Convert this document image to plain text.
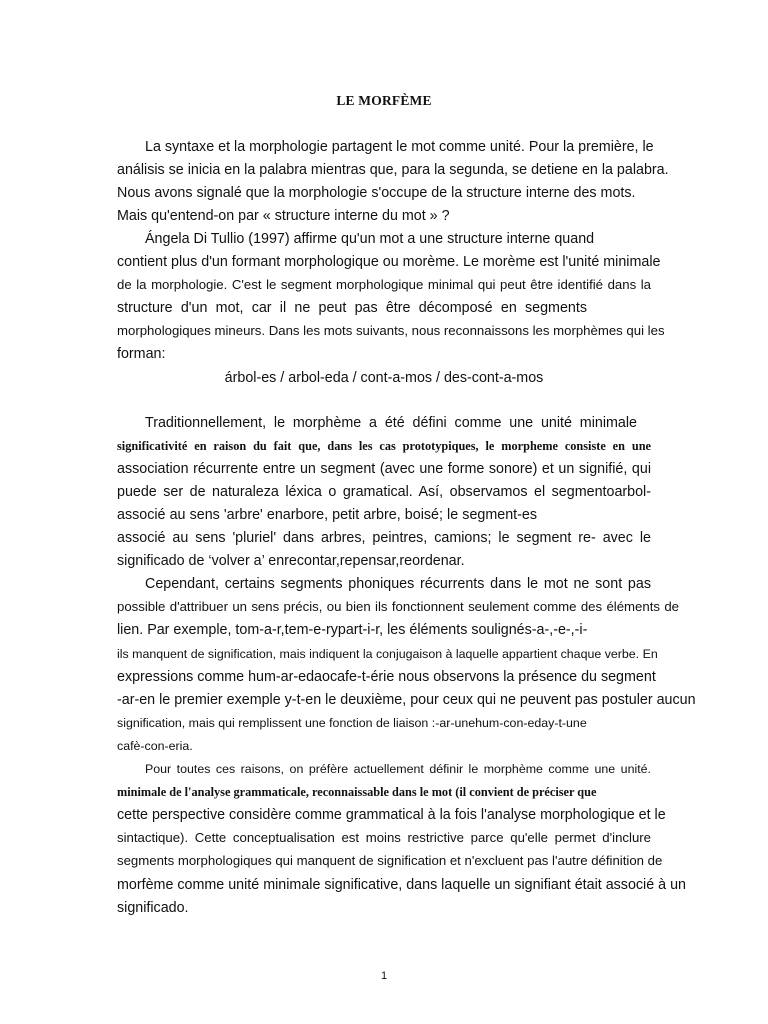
LE MORFÈME
La syntaxe et la morphologie partagent le mot comme unité. Pour la première, le
análisis se inicia en la palabra mientras que, para la segunda, se detiene en la palabra.
Nous avons signalé que la morphologie s'occupe de la structure interne des mots.
Mais qu'entend-on par « structure interne du mot » ?
Ángela Di Tullio (1997) affirme qu'un mot a une structure interne quand
contient plus d'un formant morphologique ou morème. Le morème est l'unité minimale
de la morphologie. C'est le segment morphologique minimal qui peut être identifié dans la
structure d'un mot, car il ne peut pas être décomposé en segments
morphologiques mineurs. Dans les mots suivants, nous reconnaissons les morphèmes qui les
forman:
árbol-es / arbol-eda / cont-a-mos / des-cont-a-mos
Traditionnellement, le morphème a été défini comme une unité minimale
significativité en raison du fait que, dans les cas prototypiques, le morpheme consiste en une
association récurrente entre un segment (avec une forme sonore) et un signifié, qui
puede ser de naturaleza léxica o gramatical. Así, observamos el segmentoarbol-
associé au sens 'arbre' enarbore, petit arbre, boisé; le segment-es
associé au sens 'pluriel' dans arbres, peintres, camions; le segment re- avec le
significado de ‘volver a’ enrecontar,repensar,reordenar.
Cependant, certains segments phoniques récurrents dans le mot ne sont pas
possible d'attribuer un sens précis, ou bien ils fonctionnent seulement comme des éléments de
lien. Par exemple, tom-a-r,tem-e-rypart-i-r, les éléments soulignés-a-,-e-,-i-
ils manquent de signification, mais indiquent la conjugaison à laquelle appartient chaque verbe. En
expressions comme hum-ar-edaocafe-t-érie nous observons la présence du segment
-ar-en le premier exemple y-t-en le deuxième, pour ceux qui ne peuvent pas postuler aucun
signification, mais qui remplissent une fonction de liaison :-ar-unehum-con-eday-t-une
cafè-con-eria.
Pour toutes ces raisons, on préfère actuellement définir le morphème comme une unité.
minimale de l'analyse grammaticale, reconnaissable dans le mot (il convient de préciser que
cette perspective considère comme grammatical à la fois l'analyse morphologique et le
sintactique). Cette conceptualisation est moins restrictive parce qu'elle permet d'inclure
segments morphologiques qui manquent de signification et n'excluent pas l'autre définition de
morfème comme unité minimale significative, dans laquelle un signifiant était associé à un
significado.
1
